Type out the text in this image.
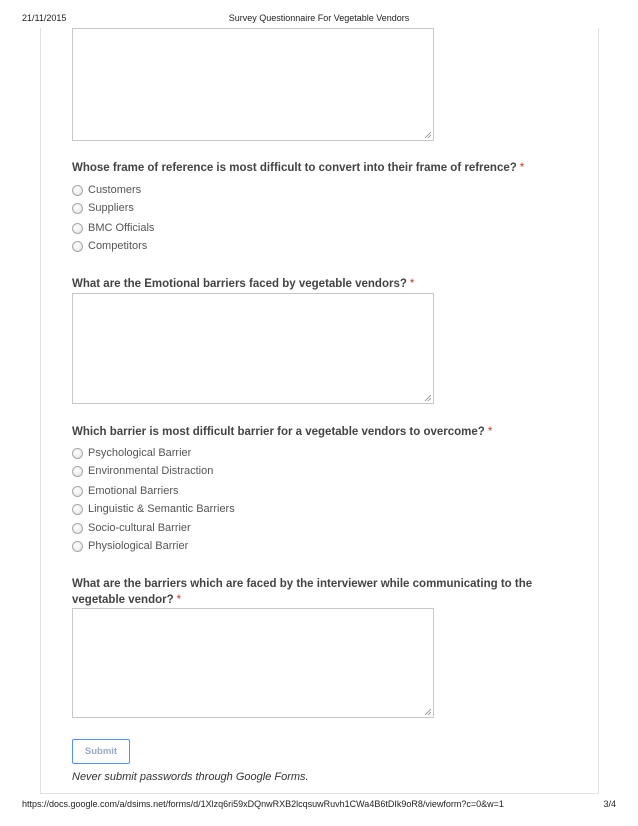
21/11/2015	Survey Questionnaire For Vegetable Vendors
Whose frame of reference is most difficult to convert into their frame of refrence? *
Customers
Suppliers
BMC Officials
Competitors
What are the Emotional barriers faced by vegetable vendors? *
Which barrier is most difficult barrier for a vegetable vendors to overcome? *
Psychological Barrier
Environmental Distraction
Emotional Barriers
Linguistic & Semantic Barriers
Socio-cultural Barrier
Physiological Barrier
What are the barriers which are faced by the interviewer while communicating to the
vegetable vendor? *
Submit
Never submit passwords through Google Forms.
https://docs.google.com/a/dsims.net/forms/d/1Xlzq6ri59xDQnwRXB2lcqsuwRuvh1CWa4B6tDIk9oR8/viewform?c=0&w=1	3/4
